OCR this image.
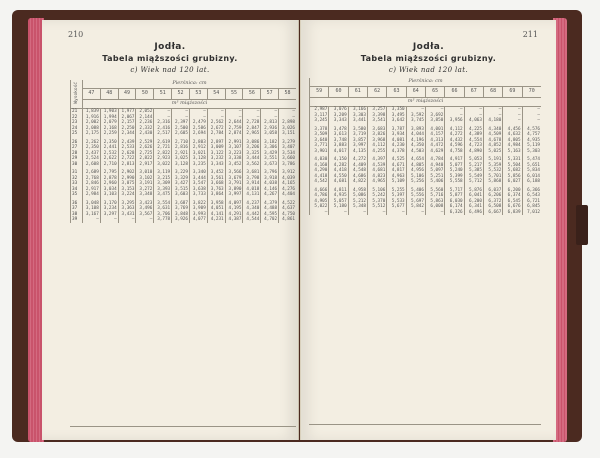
210
Jodła.
Tabela miąższości grubizny.
c) Wiek nad 120 lat.
Wysokość	Pierśnica: cm											
	47	48	49	50	51	52	53	54	55	56	57	58
	m³ miąższości											
21	1,839	1,903	1,977	2,052	—	—	—	—	—	—	—	—
22	1,916	1,994	2,067	2,144	—	—	—	—	—	—	—	—
23	2,002	2,079	2,157	2,236	2,316	2,397	2,479	2,562	2,644	2,728	2,813	2,898
24	2,088	2,168	2,250	2,332	2,416	2,500	2,586	2,672	2,759	2,847	2,936	3,026
25	2,175	2,259	2,344	2,430	2,517	2,605	2,694	2,784	2,874	2,965	3,058	3,151

26	2,262	2,350	2,439	2,529	2,619	2,710	2,803	2,897	2,991	3,086	3,182	3,279
27	2,350	2,441	2,533	2,626	2,721	2,816	2,912	3,009	3,107	3,206	3,306	3,407
28	2,437	2,532	2,628	2,725	2,822	2,921	3,021	3,122	3,223	3,325	3,429	3,534
29	2,524	2,622	2,722	2,822	2,923	3,025	3,128	3,232	3,338	3,444	3,551	3,660
30	2,608	2,710	2,813	2,917	3,022	3,128	3,235	3,343	3,452	3,562	3,673	3,786

31	2,689	2,795	2,902	3,010	3,119	3,229	3,340	3,452	3,566	3,681	3,796	3,912
32	2,768	2,878	2,990	3,102	3,215	3,329	3,444	3,561	3,679	3,798	3,918	4,039
33	2,846	2,960	3,075	3,191	3,309	3,427	3,547	3,668	3,791	3,914	4,038	4,165
34	2,917	3,034	3,153	3,272	3,393	3,515	3,638	3,763	3,890	4,018	4,146	4,276
35	2,984	3,103	3,224	3,348	3,475	3,603	3,733	3,864	3,997	4,131	4,267	4,404

36	3,048	3,170	3,295	3,423	3,554	3,687	3,822	3,958	4,097	4,237	4,379	4,522
37	3,108	3,234	3,363	3,496	3,631	3,769	3,909	4,051	4,195	4,340	4,488	4,637
38	3,167	3,297	3,431	3,567	3,706	3,848	3,993	4,141	4,291	4,442	4,595	4,750
39	—	—	—	—	3,778	3,926	4,077	4,231	4,387	4,544	4,702	4,861
211
Jodła.
Tabela miąższości grubizny.
c) Wiek nad 120 lat.
Pierśnica: cm											
59	60	61	62	63	64	65	66	67	68	69	70
m³ miąższości											
2,987	3,076	3,166	3,257	3,350	—	—	—	—	—	—	—
3,117	3,209	3,303	3,398	3,495	3,592	3,692	—	—	—	—	—
3,245	3,343	3,441	3,541	3,642	3,745	3,850	3,956	4,063	4,180	—	—

3,378	3,478	3,580	3,683	3,787	3,893	4,001	4,112	4,225	4,340	4,456	4,576
3,509	3,613	3,719	3,826	3,934	4,044	4,157	4,272	4,389	4,509	4,632	4,757
3,640	3,748	3,857	3,968	4,081	4,196	4,313	4,432	4,554	4,678	4,805	4,935
3,771	3,883	3,997	4,112	4,230	4,350	4,472	4,596	4,723	4,852	4,984	5,119
3,901	4,017	4,135	4,255	4,378	4,503	4,629	4,758	4,890	5,025	5,163	5,303

4,030	4,150	4,272	4,397	4,525	4,654	4,784	4,917	5,053	5,191	5,331	5,474
4,160	4,282	4,409	4,539	4,671	4,805	4,940	5,077	5,217	5,359	5,504	5,651
4,290	4,418	4,548	4,681	4,817	4,956	5,097	5,240	5,385	5,532	5,682	5,834
4,418	4,550	4,686	4,823	4,963	5,106	5,251	5,399	5,549	5,701	5,856	6,014
4,542	4,681	4,822	4,965	5,109	5,256	5,406	5,558	5,712	5,868	6,027	6,188

4,666	4,811	4,958	5,106	5,255	5,406	5,560	5,717	5,876	6,037	6,200	6,366
4,786	4,935	5,086	5,242	5,397	5,556	5,716	5,877	6,041	6,206	6,374	6,543
4,905	5,057	5,212	5,370	5,533	5,697	5,863	6,030	6,200	6,372	6,545	6,721
5,022	5,180	5,348	5,512	5,677	5,842	6,008	6,174	6,341	6,508	6,676	6,845
—	—	—	—	—	—	—	6,326	6,496	6,667	6,839	7,012
